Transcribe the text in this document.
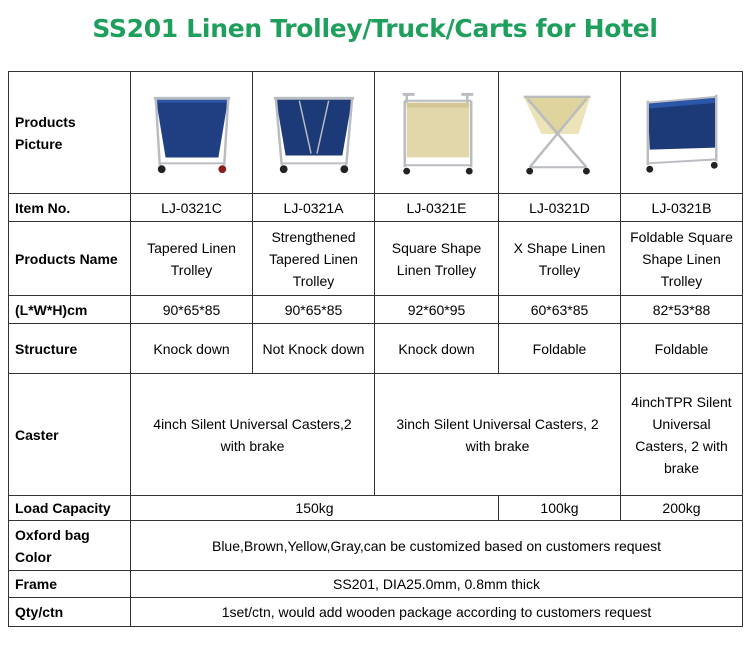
SS201 Linen Trolley/Truck/Carts for Hotel
Products Picture	

Item No.	LJ-0321C	LJ-0321A	LJ-0321E	LJ-0321D	LJ-0321B
Products Name	Tapered Linen Trolley	Strengthened Tapered Linen Trolley	Square Shape Linen Trolley	X Shape Linen Trolley	Foldable Square Shape Linen Trolley
(L*W*H)cm	90*65*85	90*65*85	92*60*95	60*63*85	82*53*88
Structure	Knock down	Not Knock down	Knock down	Foldable	Foldable
Caster	4inch Silent Universal Casters,2 with brake		3inch Silent Universal Casters, 2 with brake		4inchTPR Silent Universal Casters, 2 with brake
Load Capacity	150kg			100kg	200kg
Oxford bag Color	Blue,Brown,Yellow,Gray,can be customized based on customers request				
Frame	SS201, DIA25.0mm, 0.8mm thick				
Qty/ctn	1set/ctn, would add wooden package according to customers request				
